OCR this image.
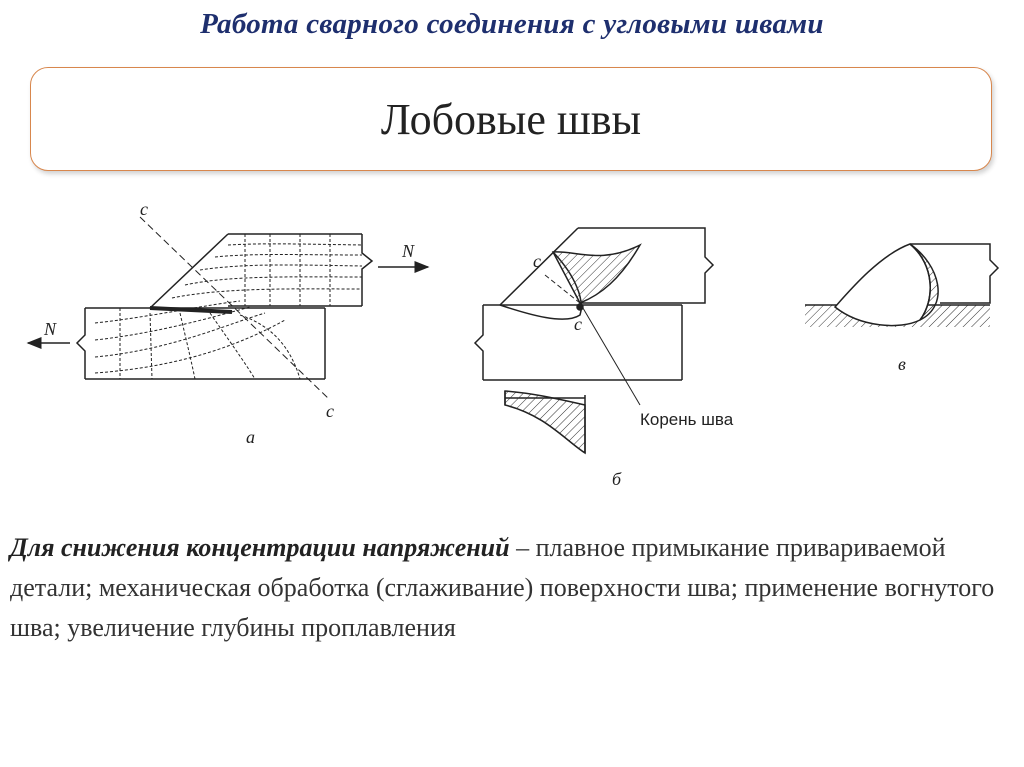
Работа сварного соединения с угловыми швами
Лобовые швы
c
c
N
N
а
c
c
Корень шва
б
в
Для снижения концентрации напряжений – плавное примыкание привариваемой детали; механическая обработка (сглаживание) поверхности шва; применение вогнутого шва; увеличение глубины проплавления
